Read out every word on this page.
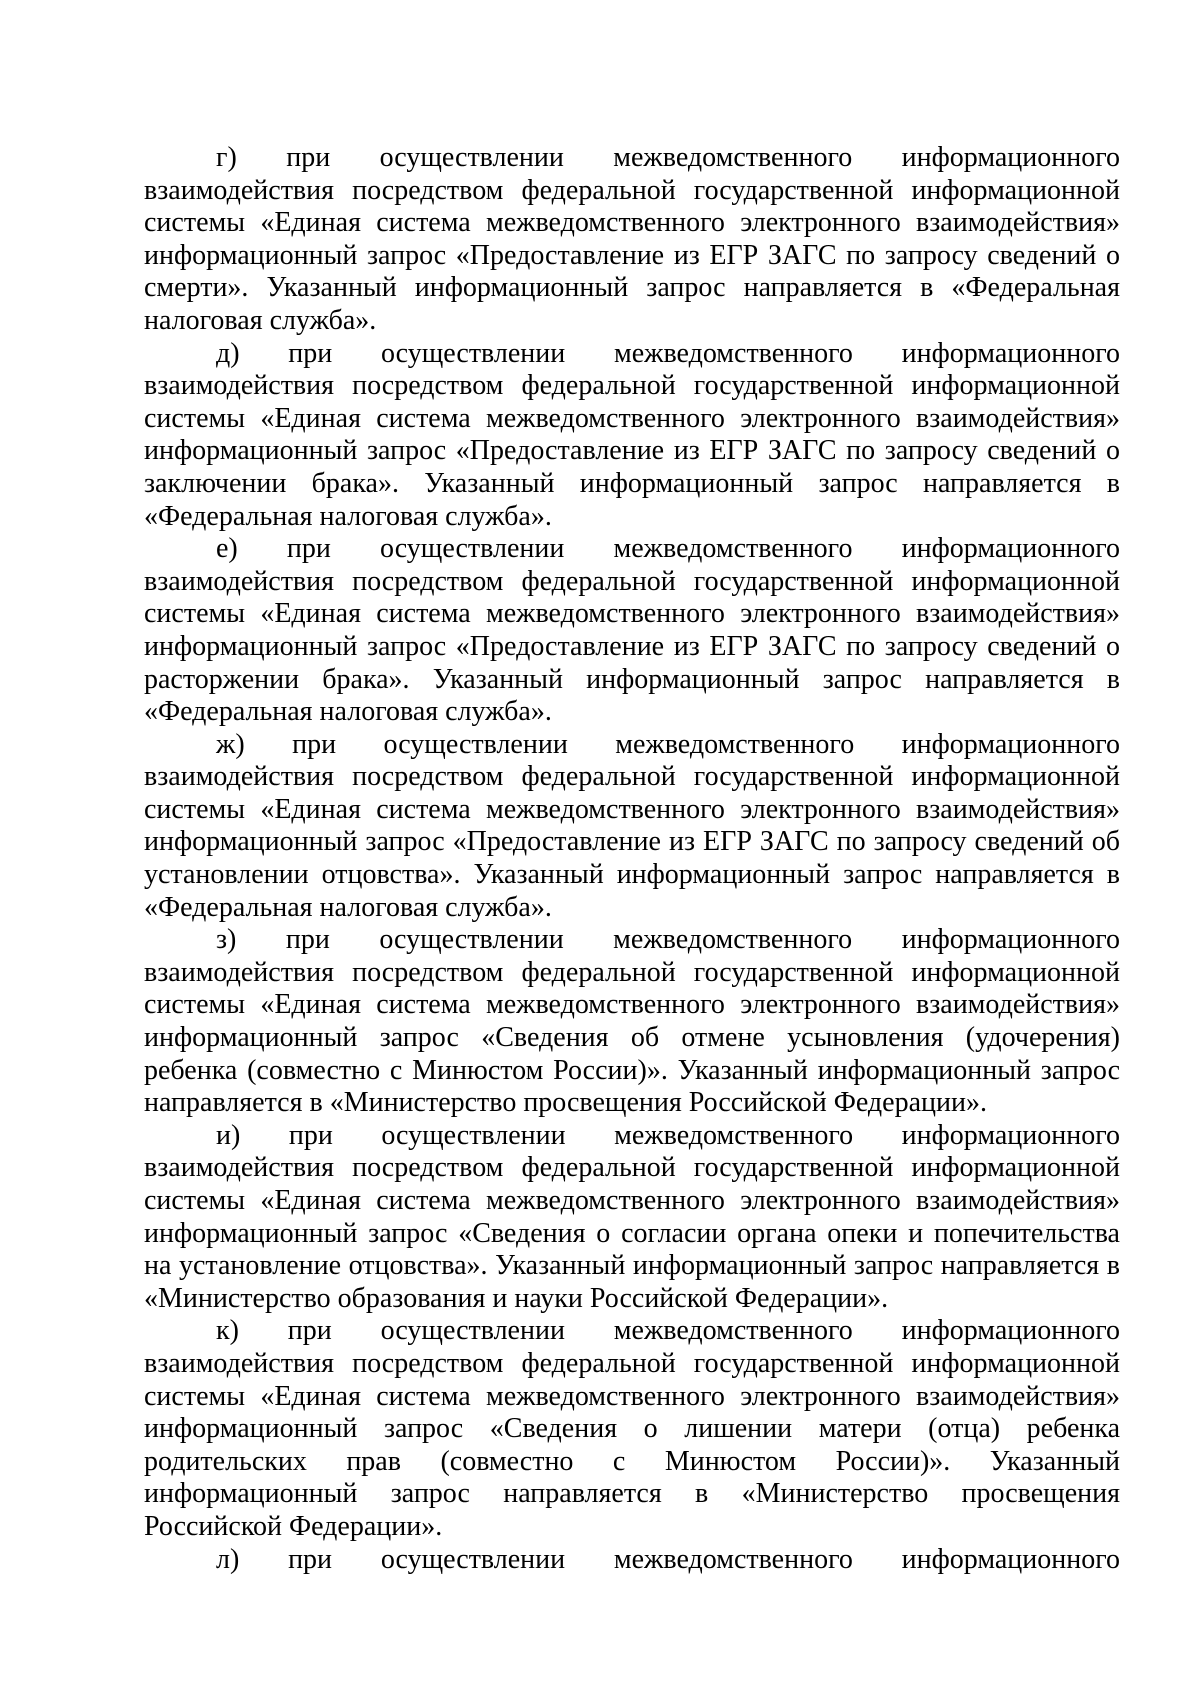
г) при осуществлении межведомственного информационного взаимодействия посредством федеральной государственной информационной системы «Единая система межведомственного электронного взаимодействия» информационный запрос «Предоставление из ЕГР ЗАГС по запросу сведений о смерти». Указанный информационный запрос направляется в «Федеральная налоговая служба».

д) при осуществлении межведомственного информационного взаимодействия посредством федеральной государственной информационной системы «Единая система межведомственного электронного взаимодействия» информационный запрос «Предоставление из ЕГР ЗАГС по запросу сведений о заключении брака». Указанный информационный запрос направляется в «Федеральная налоговая служба».

е) при осуществлении межведомственного информационного взаимодействия посредством федеральной государственной информационной системы «Единая система межведомственного электронного взаимодействия» информационный запрос «Предоставление из ЕГР ЗАГС по запросу сведений о расторжении брака». Указанный информационный запрос направляется в «Федеральная налоговая служба».

ж) при осуществлении межведомственного информационного взаимодействия посредством федеральной государственной информационной системы «Единая система межведомственного электронного взаимодействия» информационный запрос «Предоставление из ЕГР ЗАГС по запросу сведений об установлении отцовства». Указанный информационный запрос направляется в «Федеральная налоговая служба».

з) при осуществлении межведомственного информационного взаимодействия посредством федеральной государственной информационной системы «Единая система межведомственного электронного взаимодействия» информационный запрос «Сведения об отмене усыновления (удочерения) ребенка (совместно с Минюстом России)». Указанный информационный запрос направляется в «Министерство просвещения Российской Федерации».

и) при осуществлении межведомственного информационного взаимодействия посредством федеральной государственной информационной системы «Единая система межведомственного электронного взаимодействия» информационный запрос «Сведения о согласии органа опеки и попечительства на установление отцовства». Указанный информационный запрос направляется в «Министерство образования и науки Российской Федерации».

к) при осуществлении межведомственного информационного взаимодействия посредством федеральной государственной информационной системы «Единая система межведомственного электронного взаимодействия» информационный запрос «Сведения о лишении матери (отца) ребенка родительских прав (совместно с Минюстом России)». Указанный информационный запрос направляется в «Министерство просвещения Российской Федерации».

л) при осуществлении межведомственного информационного
